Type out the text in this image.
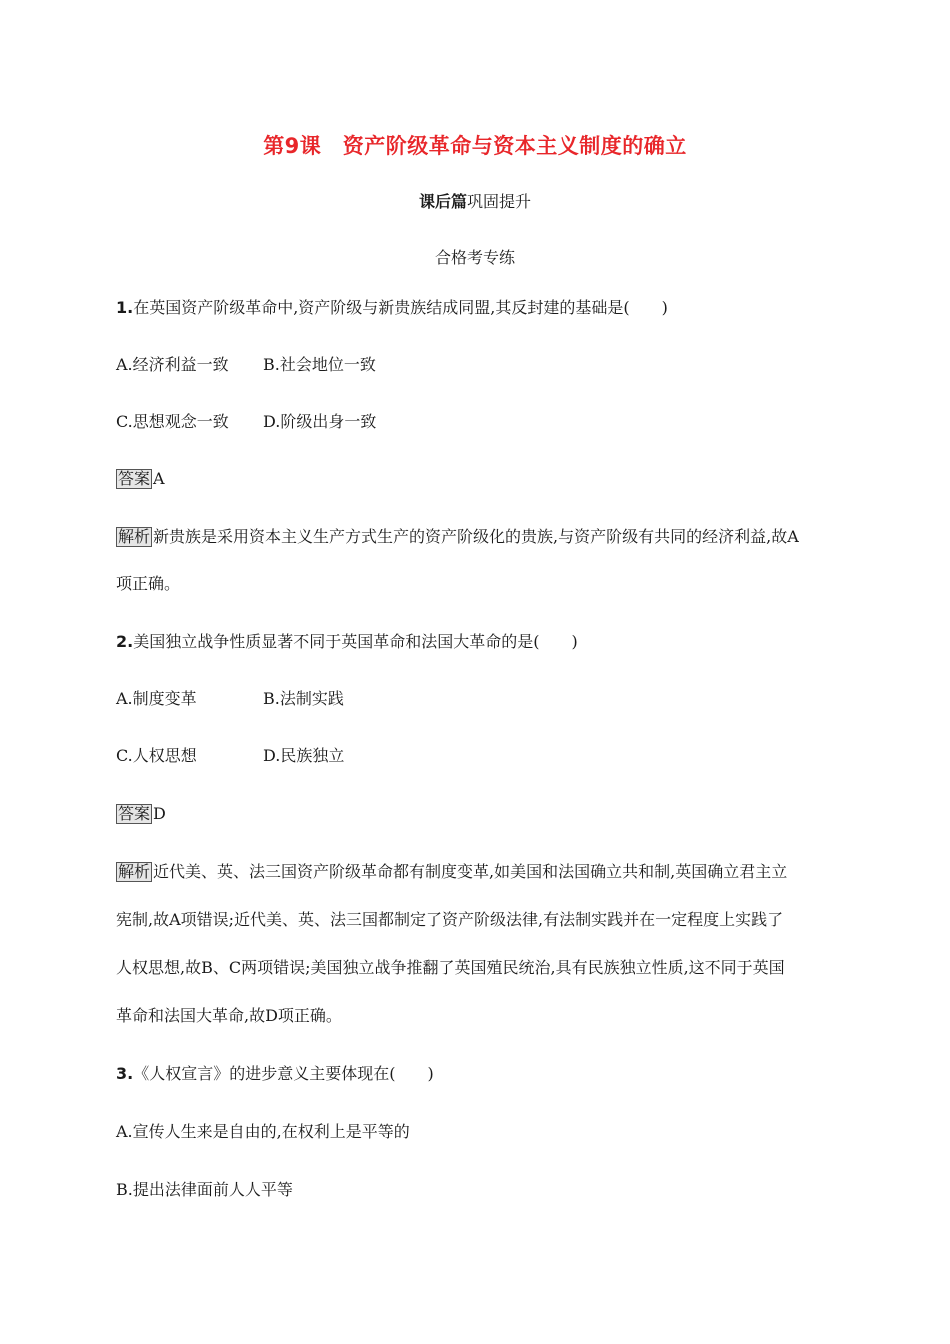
第9课　资产阶级革命与资本主义制度的确立
课后篇巩固提升
合格考专练
1.在英国资产阶级革命中,资产阶级与新贵族结成同盟,其反封建的基础是(　　)
A.经济利益一致 B.社会地位一致
C.思想观念一致 D.阶级出身一致
答案 A
解析 新贵族是采用资本主义生产方式生产的资产阶级化的贵族,与资产阶级有共同的经济利益,故A
项正确。
2.美国独立战争性质显著不同于英国革命和法国大革命的是(　　)
A.制度变革	B.法制实践
C.人权思想	D.民族独立
答案 D
解析 近代美、英、法三国资产阶级革命都有制度变革,如美国和法国确立共和制,英国确立君主立
宪制,故A项错误;近代美、英、法三国都制定了资产阶级法律,有法制实践并在一定程度上实践了
人权思想,故B、C两项错误;美国独立战争推翻了英国殖民统治,具有民族独立性质,这不同于英国
革命和法国大革命,故D项正确。
3.《人权宣言》的进步意义主要体现在(　　)
A.宣传人生来是自由的,在权利上是平等的
B.提出法律面前人人平等
